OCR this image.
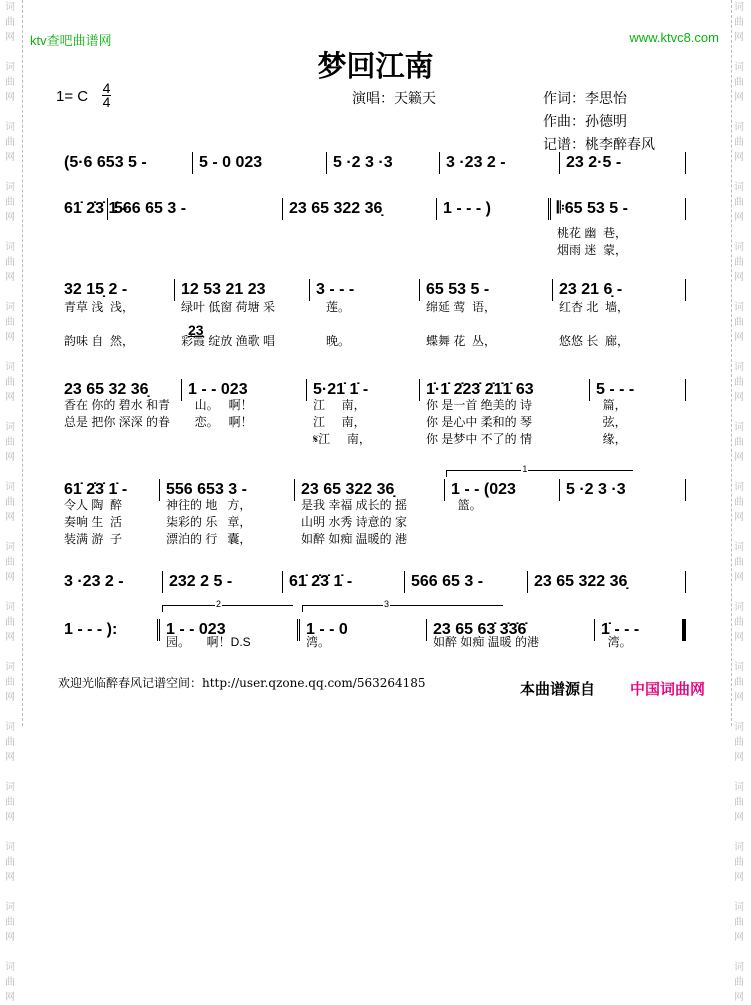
词
曲
网

词
曲
网

词
曲
网

词
曲
网

词
曲
网

词
曲
网

词
曲
网

词
曲
网

词
曲
网

词
曲
网

词
曲
网

词
曲
网

词
曲
网

词
曲
网

词
曲
网

词
曲
网

词
曲
网
词
曲
网

词
曲
网

词
曲
网

词
曲
网

词
曲
网

词
曲
网

词
曲
网

词
曲
网

词
曲
网

词
曲
网

词
曲
网

词
曲
网

词
曲
网

词
曲
网

词
曲
网

词
曲
网

词
曲
网
ktv查吧曲谱网	www.ktvc8.com
梦回江南
1= C 4
4	演唱：天籁天	作词：李思怡
作曲：孙德明
记谱：桃李醉春风
(5·6 653 5 -	5 - 0 023	5 ·2 3 ·3	3 ·23 2 -	23 2·5 -
61̇ 2̇3̇ 1̇ -
566 65 3 -	23 65 322 36̣	1 - - - )	𝄆65 53 5 -
桃花 幽  巷，
烟雨 迷  蒙，
32 15̣ 2 -	12 53 21 23	3 - - -	65 53 5 -	23 21 6̣ -
青草 浅  浅，	绿叶 低窗 荷塘 采	莲。	绵延 莺  语，	红杏 北  墙，
韵味 自  然，	彩霞 绽放 渔歌 唱	晚。	蝶舞 花  丛，	悠悠 长  廊，
23 65 32 36̣	1 - - 023	5·21̇ 1̇ -	1̇·1̇ 2̇23̇ 2̇1̇1̇ 63	5 - - -
香在 你的 碧水 和青	山。   啊！	江     南，	你 是一首 绝美的 诗	篇，
总是 把你 深深 的眷	恋。   啊！	江     南，	你 是心中 柔和的 琴	弦，
𝄋江     南，	你 是梦中 不了的 情	缘，
61̇ 2̇3̇ 1̇ -	556 653 3 -	23 65 322 36̣	1 - - (023	5 ·2 3 ·3
令人 陶  醉	神往的 地   方，	是我 幸福 成长的 摇	篮。
奏响 生  活	柒彩的 乐   章，	山明 水秀 诗意的 家
装满 游  子	漂泊的 行   囊，	如醉 如痴 温暖的 港
3 ·23 2 -	232 2 5 -	61̇ 2̇3̇ 1̇ -	566 65 3 -	23 65 322 36̣
1 - - - ):	1 - - 023	1 - - 0	23 65 63̇ 3̇3̇6̇	1̇ - - -
园。     啊！D.S	湾。	如醉 如痴 温暖 的港	湾。
23
1
2	3
欢迎光临醉春风记谱空间：http://user.qzone.qq.com/563264185	本曲谱源自 中国词曲网
